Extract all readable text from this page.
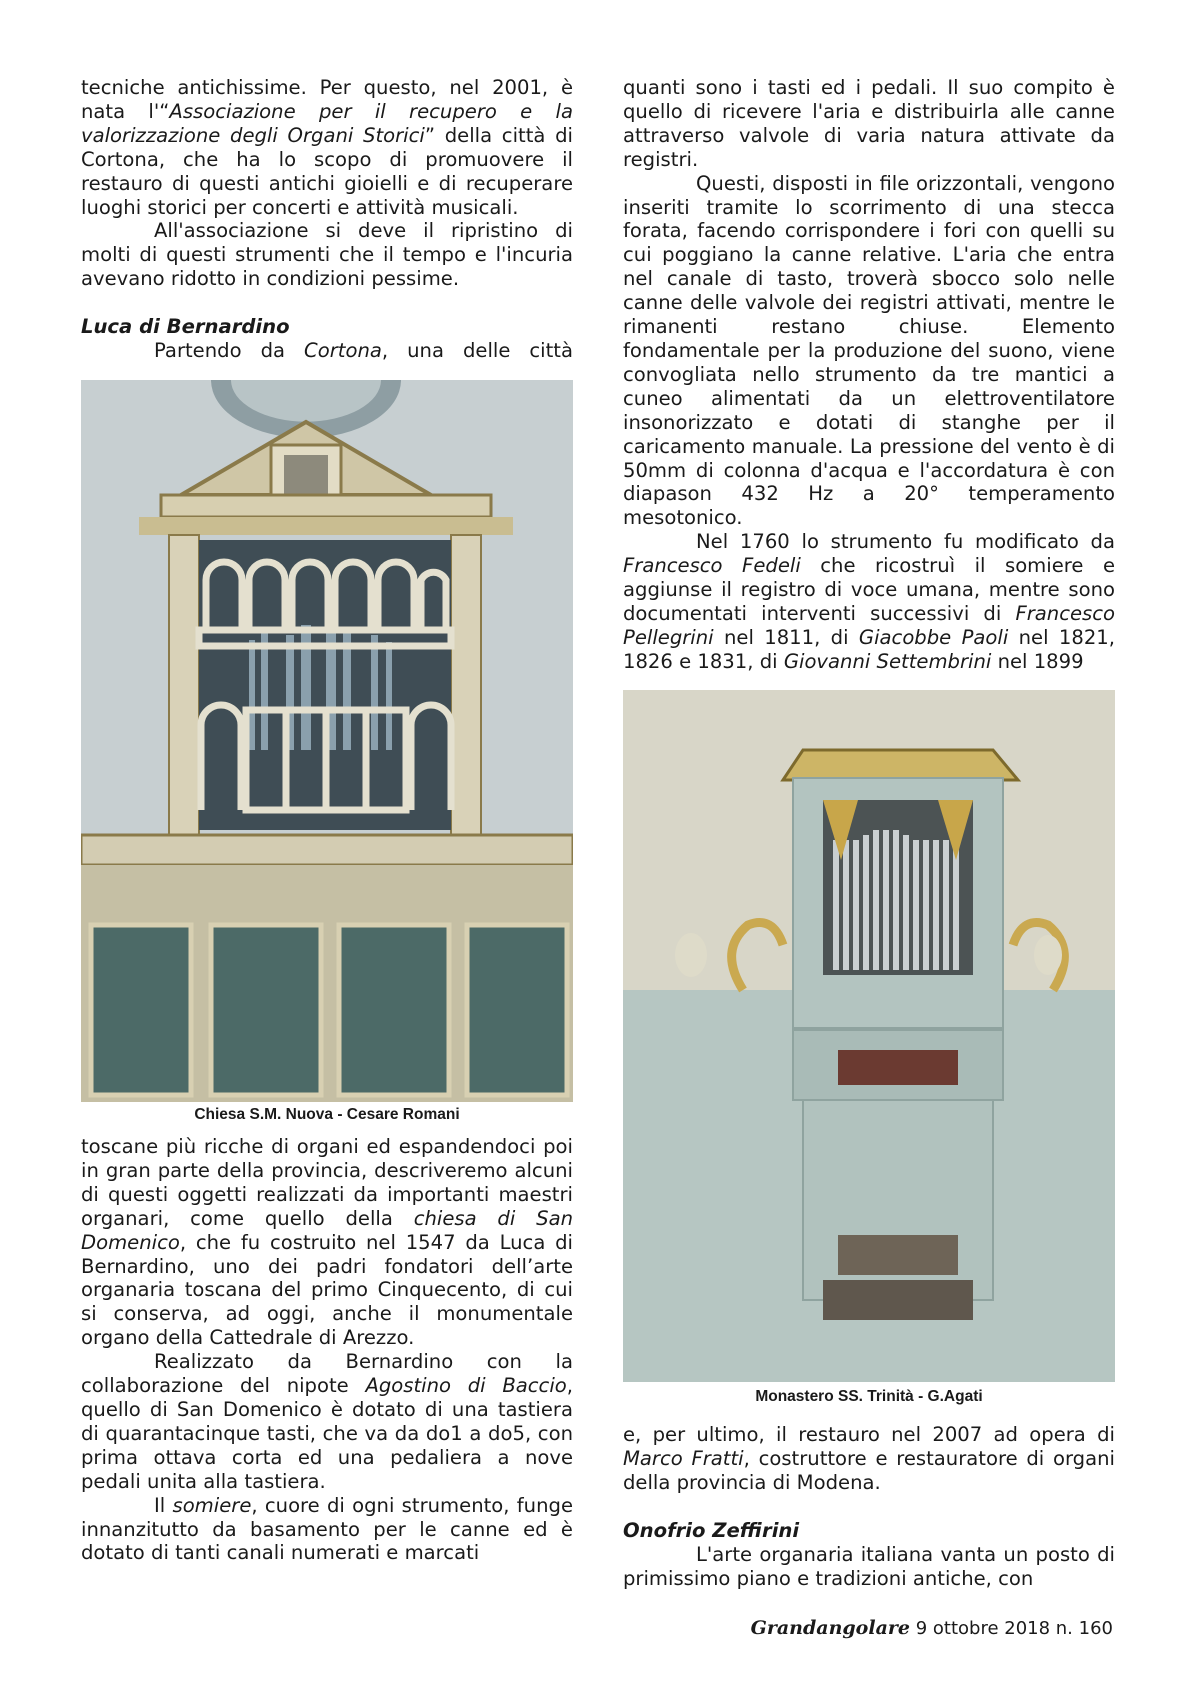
tecniche antichissime. Per questo, nel 2001, è nata l'“Associazione per il recupero e la valorizzazione degli Organi Storici” della città di Cortona, che ha lo scopo di promuovere il restauro di questi antichi gioielli e di recuperare luoghi storici per concerti e attività musicali.

All'associazione si deve il ripristino di molti di questi strumenti che il tempo e l'incuria avevano ridotto in condizioni pessime.

Luca di Bernardino

Partendo da Cortona, una delle città

Chiesa S.M. Nuova - Cesare Romani

toscane più ricche di organi ed espandendoci poi in gran parte della provincia, descriveremo alcuni di questi oggetti realizzati da importanti maestri organari, come quello della chiesa di San Domenico, che fu costruito nel 1547 da Luca di Bernardino, uno dei padri fondatori dell’arte organaria toscana del primo Cinquecento, di cui si conserva, ad oggi, anche il monumentale organo della Cattedrale di Arezzo.

Realizzato da Bernardino con la collaborazione del nipote Agostino di Baccio, quello di San Domenico è dotato di una tastiera di quarantacinque tasti, che va da do1 a do5, con prima ottava corta ed una pedaliera a nove pedali unita alla tastiera.

Il somiere, cuore di ogni strumento, funge innanzitutto da basamento per le canne ed è dotato di tanti canali numerati e marcati

quanti sono i tasti ed i pedali. Il suo compito è quello di ricevere l'aria e distribuirla alle canne attraverso valvole di varia natura attivate da registri.

Questi, disposti in file orizzontali, vengono inseriti tramite lo scorrimento di una stecca forata, facendo corrispondere i fori con quelli su cui poggiano la canne relative. L'aria che entra nel canale di tasto, troverà sbocco solo nelle canne delle valvole dei registri attivati, mentre le rimanenti restano chiuse. Elemento fondamentale per la produzione del suono, viene convogliata nello strumento da tre mantici a cuneo alimentati da un elettroventilatore insonorizzato e dotati di stanghe per il caricamento manuale. La pressione del vento è di 50mm di colonna d'acqua e l'accordatura è con diapason 432 Hz a 20° temperamento mesotonico.

Nel 1760 lo strumento fu modificato da Francesco Fedeli che ricostruì il somiere e aggiunse il registro di voce umana, mentre sono documentati interventi successivi di Francesco Pellegrini nel 1811, di Giacobbe Paoli nel 1821, 1826 e 1831, di Giovanni Settembrini nel 1899

Monastero SS. Trinità - G.Agati

e, per ultimo, il restauro nel 2007 ad opera di Marco Fratti, costruttore e restauratore di organi della provincia di Modena.

Onofrio Zeffirini

L'arte organaria italiana vanta un posto di primissimo piano e tradizioni antiche, con

Grandangolare 9 ottobre 2018 n. 160
